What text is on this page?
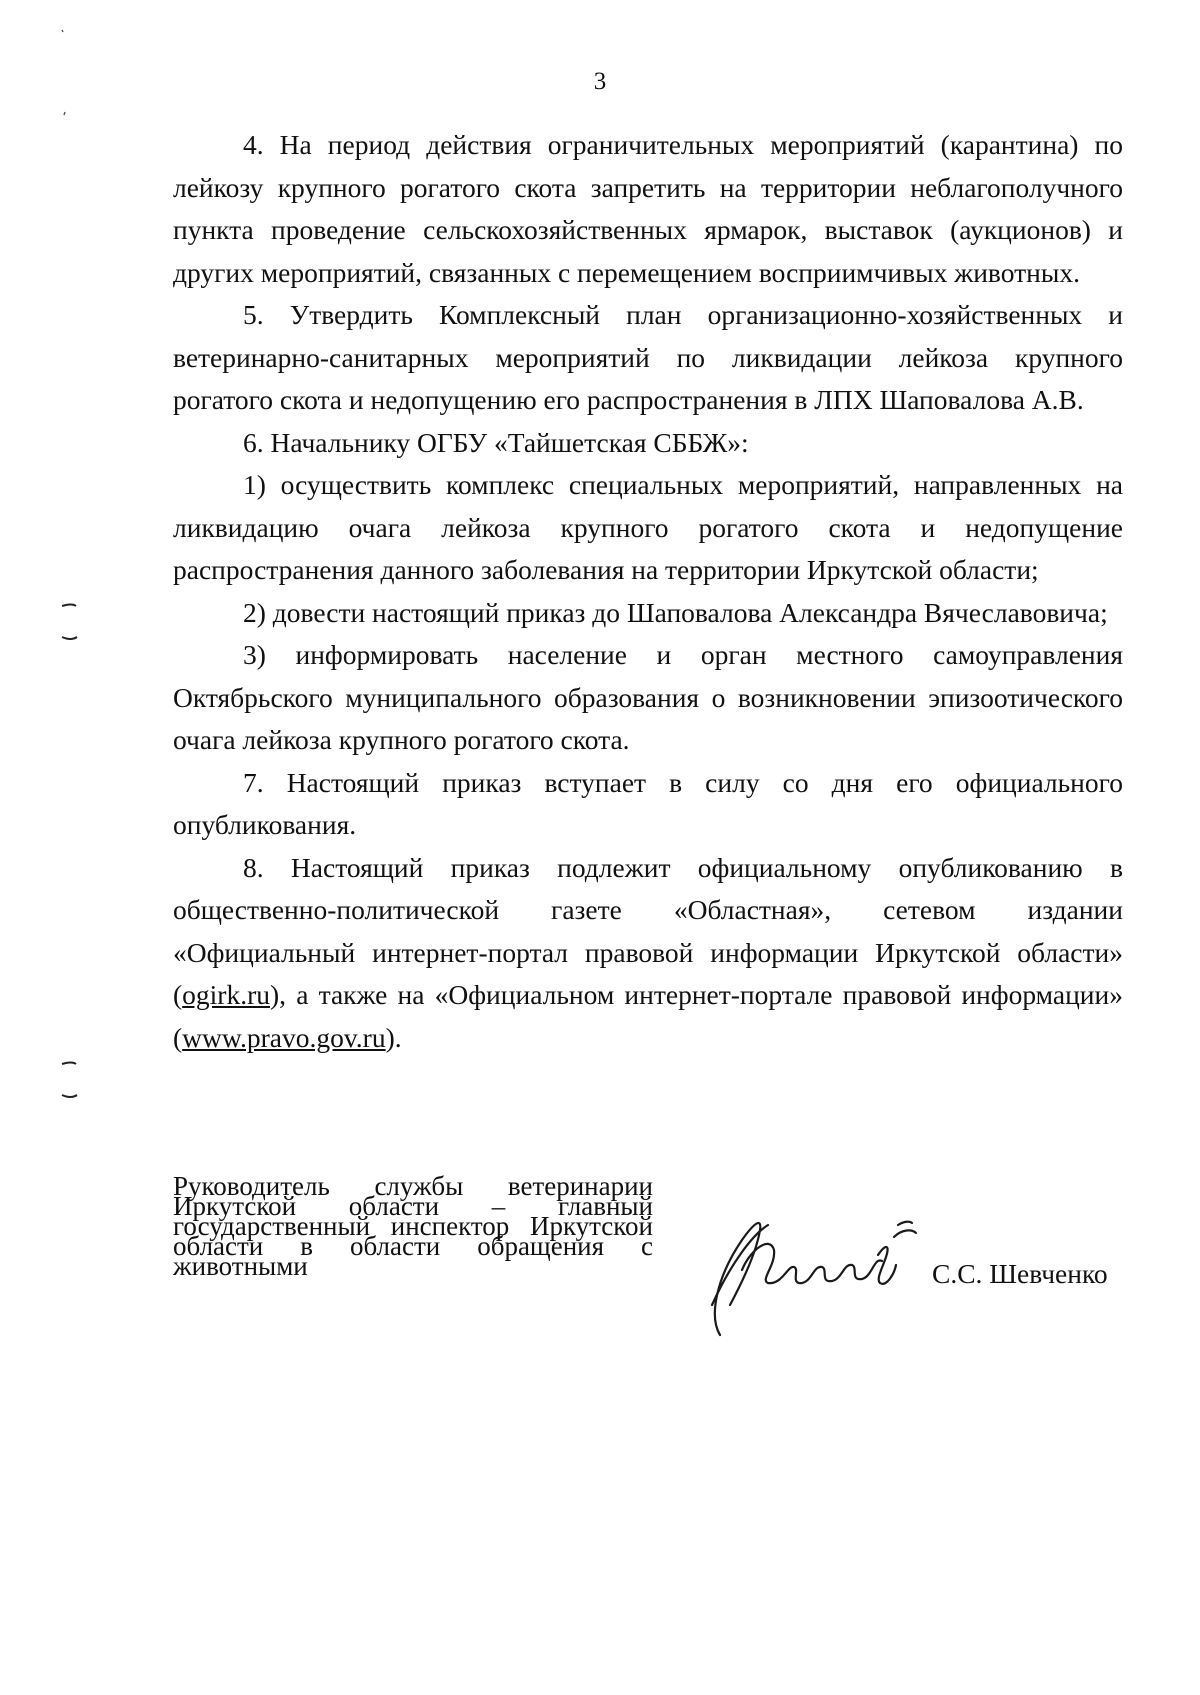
3

4. На период действия ограничительных мероприятий (карантина) по лейкозу крупного рогатого скота запретить на территории неблагополучного пункта проведение сельскохозяйственных ярмарок, выставок (аукционов) и других мероприятий, связанных с перемещением восприимчивых животных.

5. Утвердить Комплексный план организационно-хозяйственных и ветеринарно-санитарных мероприятий по ликвидации лейкоза крупного рогатого скота и недопущению его распространения в ЛПХ Шаповалова А.В.

6. Начальнику ОГБУ «Тайшетская СББЖ»:

1) осуществить комплекс специальных мероприятий, направленных на ликвидацию очага лейкоза крупного рогатого скота и недопущение распространения данного заболевания на территории Иркутской области;

2) довести настоящий приказ до Шаповалова Александра Вячеславовича;

3) информировать население и орган местного самоуправления Октябрьского муниципального образования о возникновении эпизоотического очага лейкоза крупного рогатого скота.

7. Настоящий приказ вступает в силу со дня его официального опубликования.

8. Настоящий приказ подлежит официальному опубликованию в общественно-политической газете «Областная», сетевом издании «Официальный интернет-портал правовой информации Иркутской области» (ogirk.ru), а также на «Официальном интернет-портале правовой информации» (www.pravo.gov.ru).

Руководитель службы ветеринарии Иркутской области – главный государственный инспектор Иркутской области в области обращения с животными	С.С. Шевченко
